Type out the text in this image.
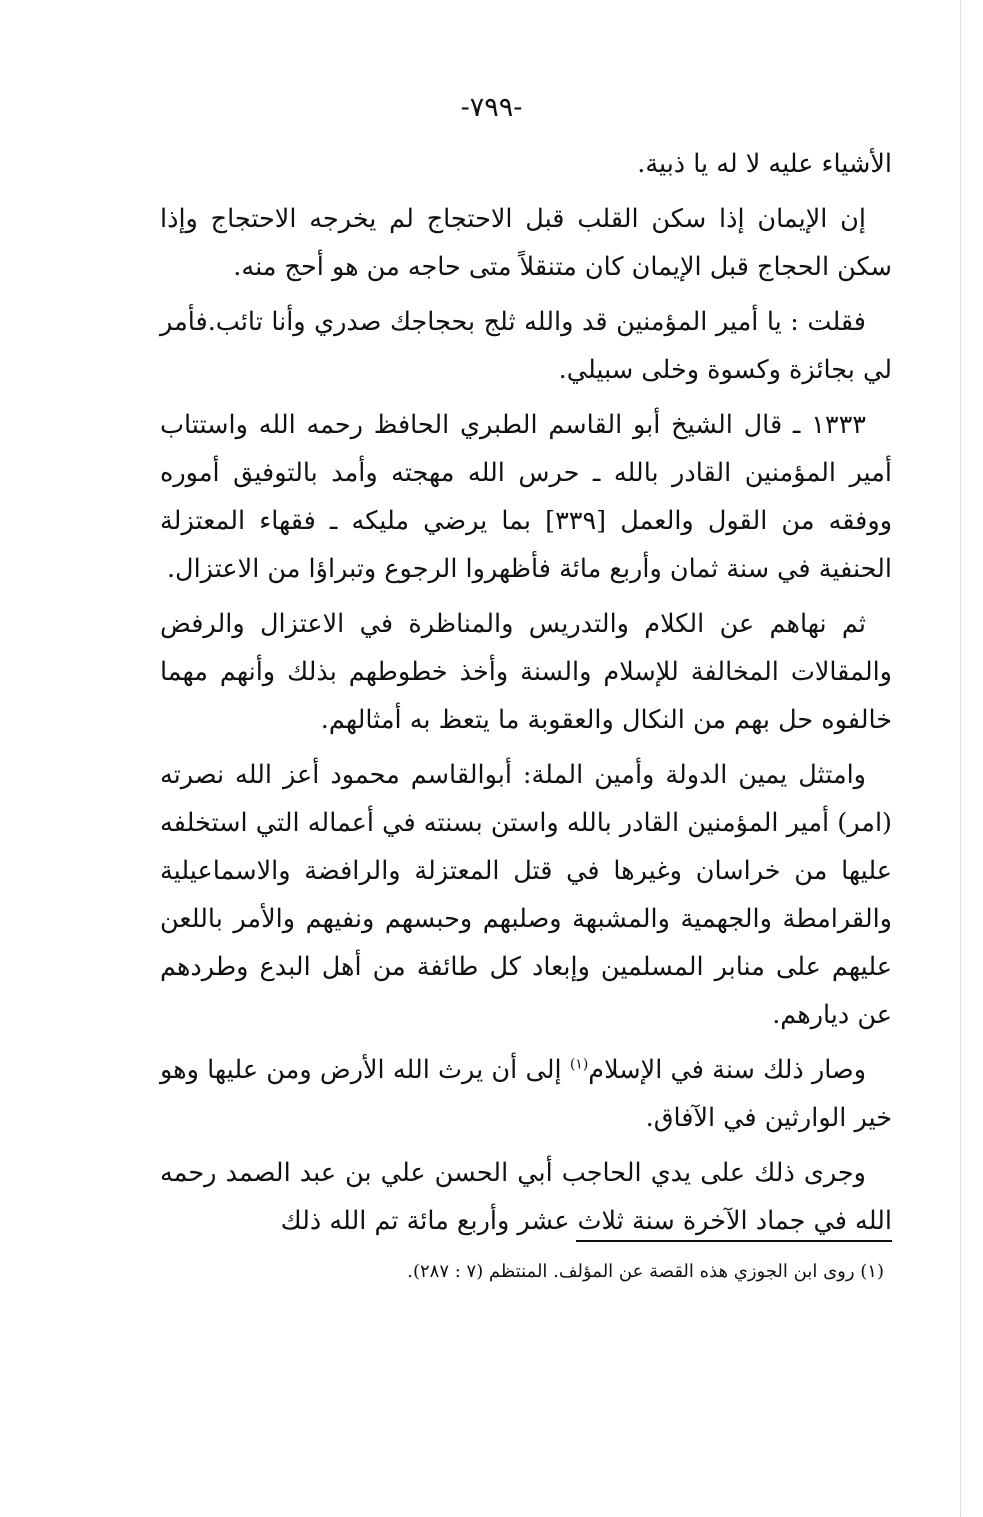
-٧٩٩-

الأشياء عليه لا له يا ذبية.

إن الإيمان إذا سكن القلب قبل الاحتجاج لم يخرجه الاحتجاج وإذا سكن الحجاج قبل الإيمان كان متنقلاً متى حاجه من هو أحج منه.

فقلت : يا أمير المؤمنين قد والله ثلج بحجاجك صدري وأنا تائب.فأمر لي بجائزة وكسوة وخلى سبيلي.

١٣٣٣ ـ قال الشيخ أبو القاسم الطبري الحافظ رحمه الله واستتاب أمير المؤمنين القادر بالله ـ حرس الله مهجته وأمد بالتوفيق أموره ووفقه من القول والعمل [٣٣٩] بما يرضي مليكه ـ فقهاء المعتزلة الحنفية في سنة ثمان وأربع مائة فأظهروا الرجوع وتبراؤا من الاعتزال.

ثم نهاهم عن الكلام والتدريس والمناظرة في الاعتزال والرفض والمقالات المخالفة للإسلام والسنة وأخذ خطوطهم بذلك وأنهم مهما خالفوه حل بهم من النكال والعقوبة ما يتعظ به أمثالهم.

وامتثل يمين الدولة وأمين الملة: أبوالقاسم محمود أعز الله نصرته (امر) أمير المؤمنين القادر بالله واستن بسنته في أعماله التي استخلفه عليها من خراسان وغيرها في قتل المعتزلة والرافضة والاسماعيلية والقرامطة والجهمية والمشبهة وصلبهم وحبسهم ونفيهم والأمر باللعن عليهم على منابر المسلمين وإبعاد كل طائفة من أهل البدع وطردهم عن ديارهم.

وصار ذلك سنة في الإسلام$^{(١)}$ إلى أن يرث الله الأرض ومن عليها وهو خير الوارثين في الآفاق.

وجرى ذلك على يدي الحاجب أبي الحسن علي بن عبد الصمد رحمه الله في جماد الآخرة سنة ثلاث عشر وأربع مائة تم الله ذلك

(١) روى ابن الجوزي هذه القصة عن المؤلف. المنتظم (٧ : ٢٨٧).
